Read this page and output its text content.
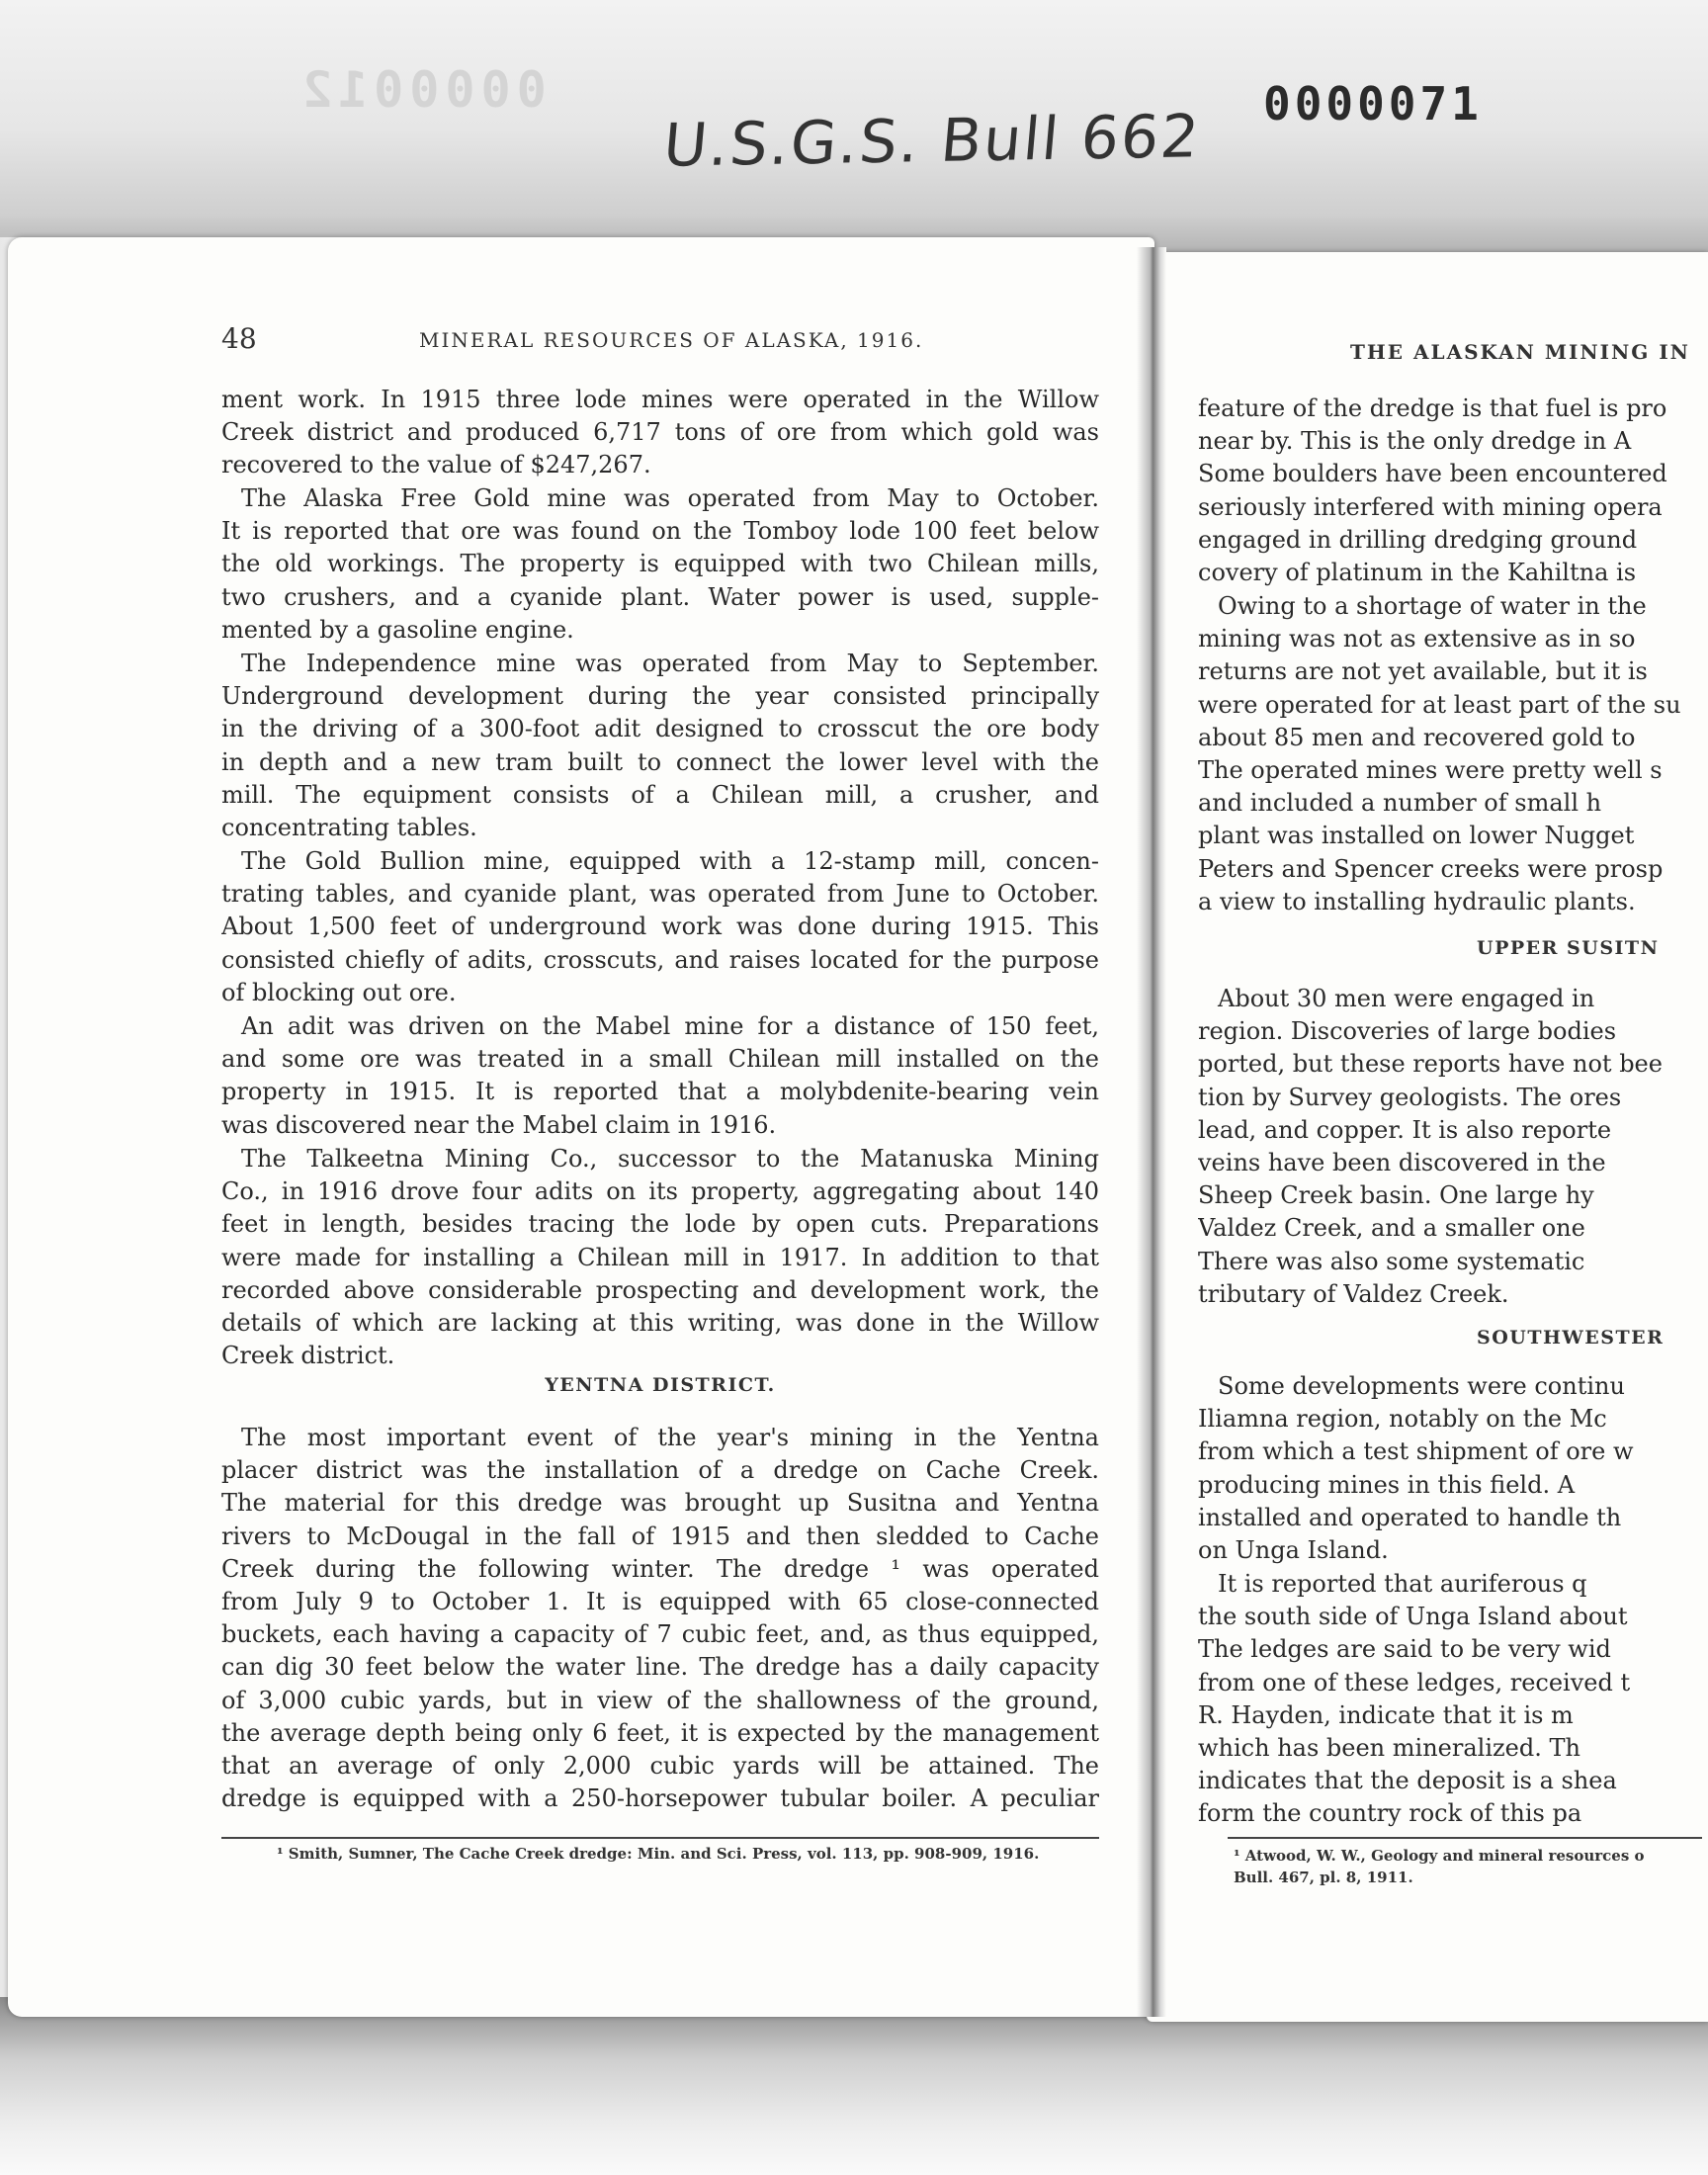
0000012	0000071
U.S.G.S. Bull 662
48	MINERAL RESOURCES OF ALASKA, 1916.
ment work. In 1915 three lode mines were operated in the Willow
Creek district and produced 6,717 tons of ore from which gold was
recovered to the value of $247,267.
The Alaska Free Gold mine was operated from May to October.
It is reported that ore was found on the Tomboy lode 100 feet below
the old workings. The property is equipped with two Chilean mills,
two crushers, and a cyanide plant. Water power is used, supple-
mented by a gasoline engine.
The Independence mine was operated from May to September.
Underground development during the year consisted principally
in the driving of a 300-foot adit designed to crosscut the ore body
in depth and a new tram built to connect the lower level with the
mill. The equipment consists of a Chilean mill, a crusher, and
concentrating tables.
The Gold Bullion mine, equipped with a 12-stamp mill, concen-
trating tables, and cyanide plant, was operated from June to October.
About 1,500 feet of underground work was done during 1915. This
consisted chiefly of adits, crosscuts, and raises located for the purpose
of blocking out ore.
An adit was driven on the Mabel mine for a distance of 150 feet,
and some ore was treated in a small Chilean mill installed on the
property in 1915. It is reported that a molybdenite-bearing vein
was discovered near the Mabel claim in 1916.
The Talkeetna Mining Co., successor to the Matanuska Mining
Co., in 1916 drove four adits on its property, aggregating about 140
feet in length, besides tracing the lode by open cuts. Preparations
were made for installing a Chilean mill in 1917. In addition to that
recorded above considerable prospecting and development work, the
details of which are lacking at this writing, was done in the Willow
Creek district.
YENTNA DISTRICT.
The most important event of the year's mining in the Yentna
placer district was the installation of a dredge on Cache Creek.
The material for this dredge was brought up Susitna and Yentna
rivers to McDougal in the fall of 1915 and then sledded to Cache
Creek during the following winter. The dredge ¹ was operated
from July 9 to October 1. It is equipped with 65 close-connected
buckets, each having a capacity of 7 cubic feet, and, as thus equipped,
can dig 30 feet below the water line. The dredge has a daily capacity
of 3,000 cubic yards, but in view of the shallowness of the ground,
the average depth being only 6 feet, it is expected by the management
that an average of only 2,000 cubic yards will be attained. The
dredge is equipped with a 250-horsepower tubular boiler. A peculiar
¹ Smith, Sumner, The Cache Creek dredge: Min. and Sci. Press, vol. 113, pp. 908-909, 1916.
THE ALASKAN MINING IN
feature of the dredge is that fuel is pro
near by. This is the only dredge in A
Some boulders have been encountered
seriously interfered with mining opera
engaged in drilling dredging ground
covery of platinum in the Kahiltna is
Owing to a shortage of water in the
mining was not as extensive as in so
returns are not yet available, but it is
were operated for at least part of the su
about 85 men and recovered gold to
The operated mines were pretty well s
and included a number of small h
plant was installed on lower Nugget
Peters and Spencer creeks were prosp
a view to installing hydraulic plants.
UPPER SUSITN
About 30 men were engaged in
region. Discoveries of large bodies
ported, but these reports have not bee
tion by Survey geologists. The ores
lead, and copper. It is also reporte
veins have been discovered in the
Sheep Creek basin. One large hy
Valdez Creek, and a smaller one
There was also some systematic
tributary of Valdez Creek.
SOUTHWESTER
Some developments were continu
Iliamna region, notably on the Mc
from which a test shipment of ore w
producing mines in this field. A
installed and operated to handle th
on Unga Island.
It is reported that auriferous q
the south side of Unga Island about
The ledges are said to be very wid
from one of these ledges, received t
R. Hayden, indicate that it is m
which has been mineralized. Th
indicates that the deposit is a shea
form the country rock of this pa
¹ Atwood, W. W., Geology and mineral resources o
Bull. 467, pl. 8, 1911.
